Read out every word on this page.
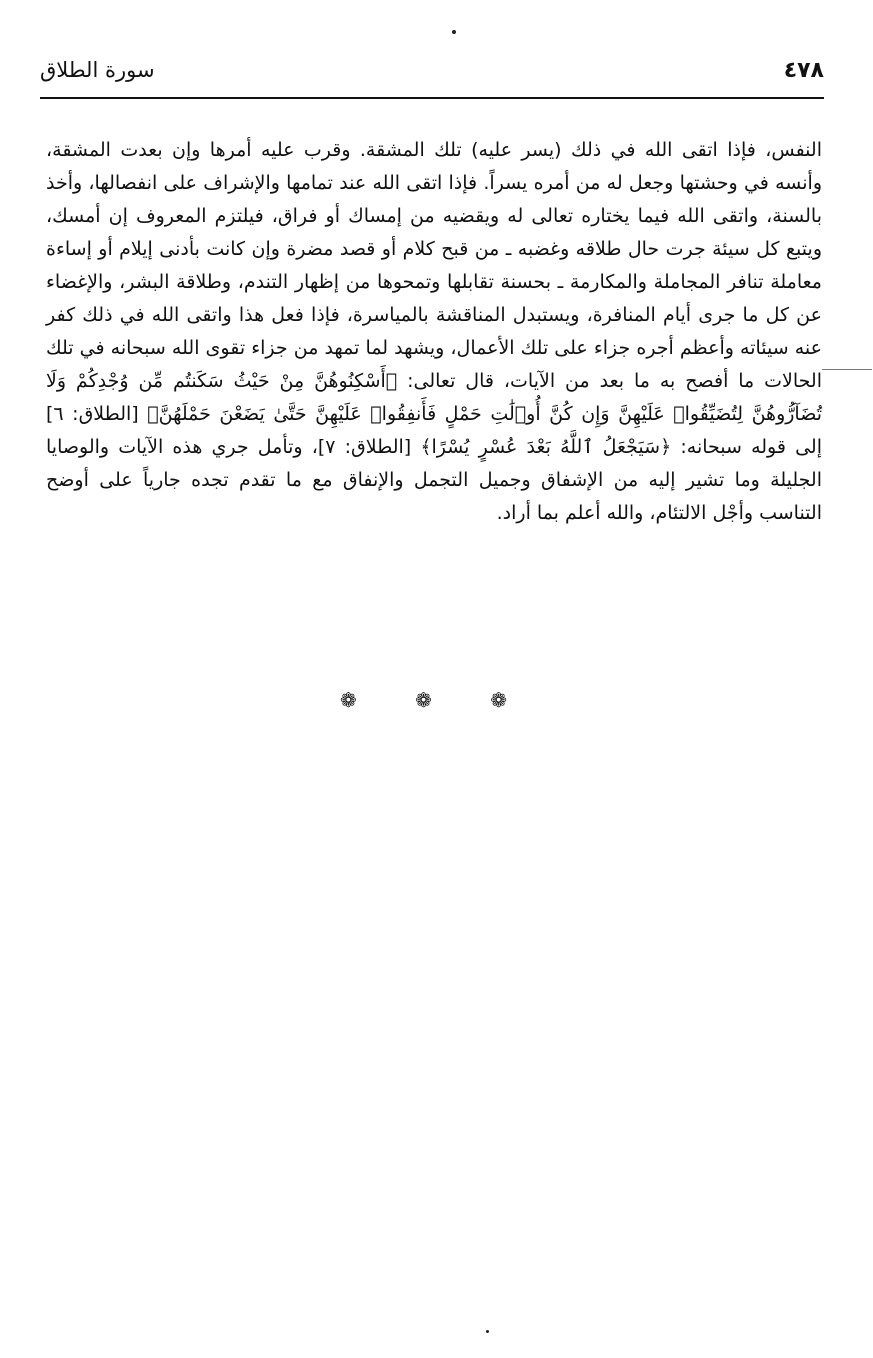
٤٧٨
سورة الطلاق

النفس، فإذا اتقى الله في ذلك (يسر عليه) تلك المشقة. وقرب عليه أمرها وإن بعدت المشقة، وأنسه في وحشتها وجعل له من أمره يسراً. فإذا اتقى الله عند تمامها والإشراف على انفصالها، وأخذ بالسنة، واتقى الله فيما يختاره تعالى له ويقضيه من إمساك أو فراق، فيلتزم المعروف إن أمسك، ويتبع كل سيئة جرت حال طلاقه وغضبه ـ من قبح كلام أو قصد مضرة وإن كانت بأدنى إيلام أو إساءة معاملة تنافر المجاملة والمكارمة ـ بحسنة تقابلها وتمحوها من إظهار التندم، وطلاقة البشر، والإغضاء عن كل ما جرى أيام المنافرة، ويستبدل المناقشة بالمياسرة، فإذا فعل هذا واتقى الله في ذلك كفر عنه سيئاته وأعظم أجره جزاء على تلك الأعمال، ويشهد لما تمهد من جزاء تقوى الله سبحانه في تلك الحالات ما أفصح به ما بعد من الآيات، قال تعالى: ﴿أَسْكِنُوهُنَّ مِنْ حَيْثُ سَكَنتُم مِّن وُجْدِكُمْ وَلَا تُضَآرُّوهُنَّ لِتُضَيِّقُوا۟ عَلَيْهِنَّ وَإِن كُنَّ أُو۟لَٰتِ حَمْلٍ فَأَنفِقُوا۟ عَلَيْهِنَّ حَتَّىٰ يَضَعْنَ حَمْلَهُنَّ﴾ [الطلاق: ٦] إلى قوله سبحانه: ﴿سَيَجْعَلُ ٱللَّهُ بَعْدَ عُسْرٍ يُسْرًا﴾ [الطلاق: ٧]، وتأمل جري هذه الآيات والوصايا الجليلة وما تشير إليه من الإشفاق وجميل التجمل والإنفاق مع ما تقدم تجده جارياً على أوضح التناسب وأجْل الالتئام، والله أعلم بما أراد.

❁ ❁ ❁
